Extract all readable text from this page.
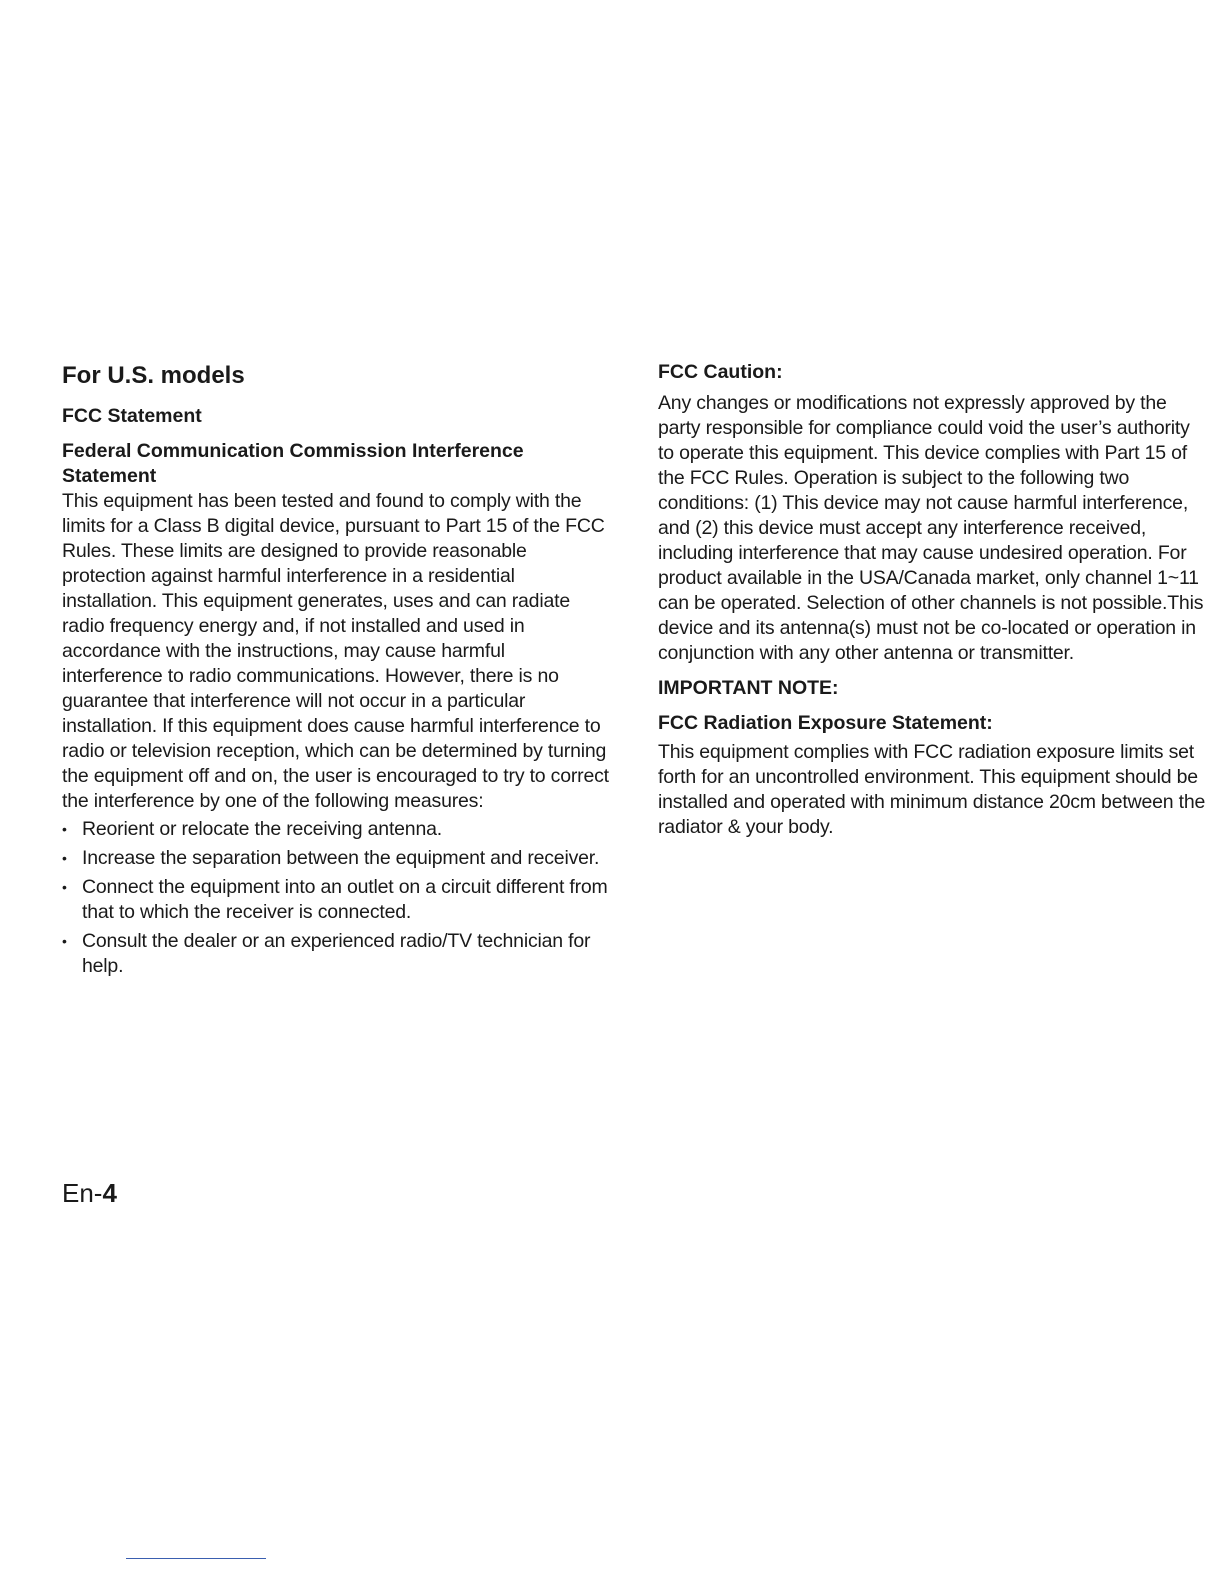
For U.S. models
FCC Statement
Federal Communication Commission Interference Statement

This equipment has been tested and found to comply with the limits for a Class B digital device, pursuant to Part 15 of the FCC Rules. These limits are designed to provide reasonable protection against harmful interference in a residential installation. This equipment generates, uses and can radiate radio frequency energy and, if not installed and used in accordance with the instructions, may cause harmful interference to radio communications. However, there is no guarantee that interference will not occur in a particular installation. If this equipment does cause harmful interference to radio or television reception, which can be determined by turning the equipment off and on, the user is encouraged to try to correct the interference by one of the following measures:

• Reorient or relocate the receiving antenna.
• Increase the separation between the equipment and receiver.
• Connect the equipment into an outlet on a circuit different from that to which the receiver is connected.
• Consult the dealer or an experienced radio/TV technician for help.
FCC Caution:

Any changes or modifications not expressly approved by the party responsible for compliance could void the user’s authority to operate this equipment. This device complies with Part 15 of the FCC Rules. Operation is subject to the following two conditions: (1) This device may not cause harmful interference, and (2) this device must accept any interference received, including interference that may cause undesired operation. For product available in the USA/Canada market, only channel 1~11 can be operated. Selection of other channels is not possible.This device and its antenna(s) must not be co-located or operation in conjunction with any other antenna or transmitter.

IMPORTANT NOTE:
FCC Radiation Exposure Statement:

This equipment complies with FCC radiation exposure limits set forth for an uncontrolled environment. This equipment should be installed and operated with minimum distance 20cm between the radiator & your body.

En-4
